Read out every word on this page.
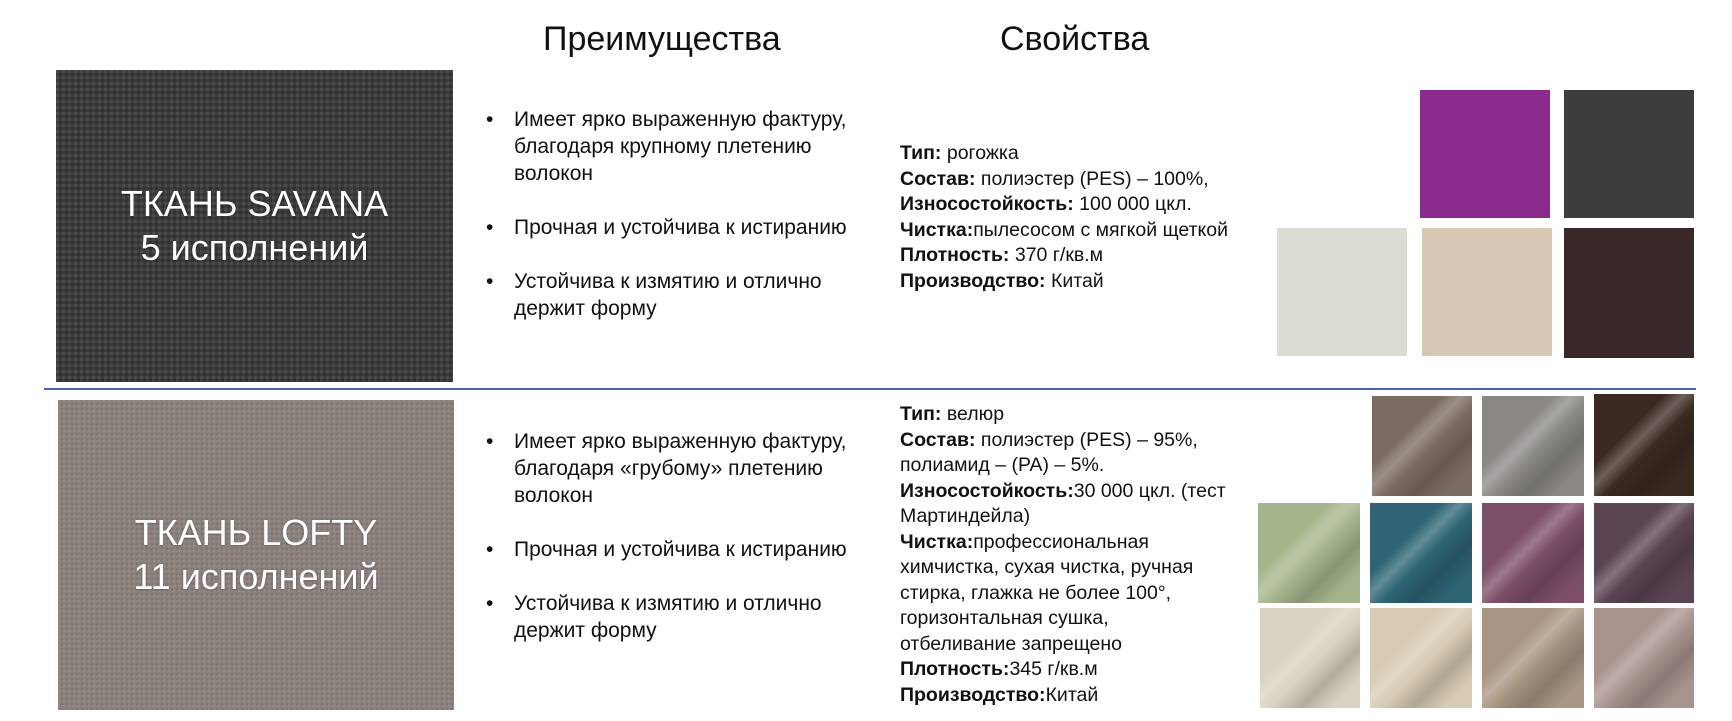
Преимущества	Свойства
ТКАНЬ SAVANA
5 исполнений
• Имеет ярко выраженную фактуру, благодаря крупному плетению волокон
• Прочная и устойчива к истиранию
• Устойчива к измятию и отлично держит форму
Тип: рогожка
Состав: полиэстер (PES) – 100%,
Износостойкость: 100 000 цкл.
Чистка:пылесосом с мягкой щеткой
Плотность: 370 г/кв.м
Производство: Китай
ТКАНЬ LOFTY
11 исполнений
• Имеет ярко выраженную фактуру, благодаря «грубому» плетению волокон
• Прочная и устойчива к истиранию
• Устойчива к измятию и отлично держит форму
Тип: велюр
Состав: полиэстер (PES) – 95%, полиамид – (PA) – 5%.
Износостойкость:30 000 цкл. (тест Мартиндейла)
Чистка:профессиональная химчистка, сухая чистка, ручная стирка, глажка не более 100°, горизонтальная сушка, отбеливание запрещено
Плотность:345 г/кв.м
Производство:Китай
